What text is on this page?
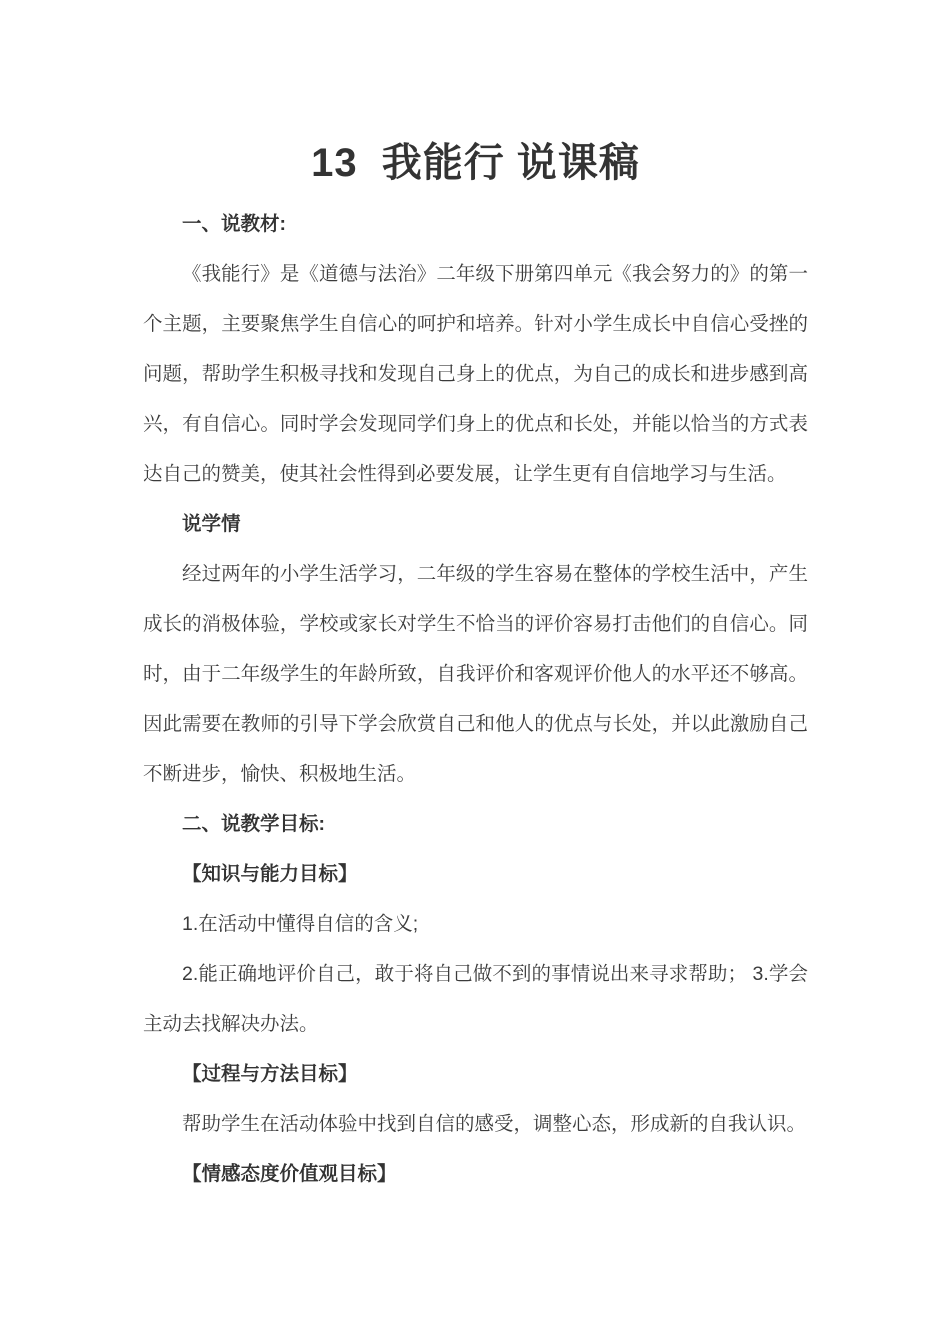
13  我能行 说课稿

一、说教材:

《我能行》是《道德与法治》二年级下册第四单元《我会努力的》的第一个主题，主要聚焦学生自信心的呵护和培养。针对小学生成长中自信心受挫的问题，帮助学生积极寻找和发现自己身上的优点，为自己的成长和进步感到高兴，有自信心。同时学会发现同学们身上的优点和长处，并能以恰当的方式表达自己的赞美，使其社会性得到必要发展，让学生更有自信地学习与生活。

说学情

经过两年的小学生活学习，二年级的学生容易在整体的学校生活中，产生成长的消极体验，学校或家长对学生不恰当的评价容易打击他们的自信心。同时，由于二年级学生的年龄所致，自我评价和客观评价他人的水平还不够高。因此需要在教师的引导下学会欣赏自己和他人的优点与长处，并以此激励自己不断进步，愉快、积极地生活。

二、说教学目标:

【知识与能力目标】

1.在活动中懂得自信的含义;

2.能正确地评价自己，敢于将自己做不到的事情说出来寻求帮助； 3.学会主动去找解决办法。

【过程与方法目标】

帮助学生在活动体验中找到自信的感受，调整心态，形成新的自我认识。

【情感态度价值观目标】
